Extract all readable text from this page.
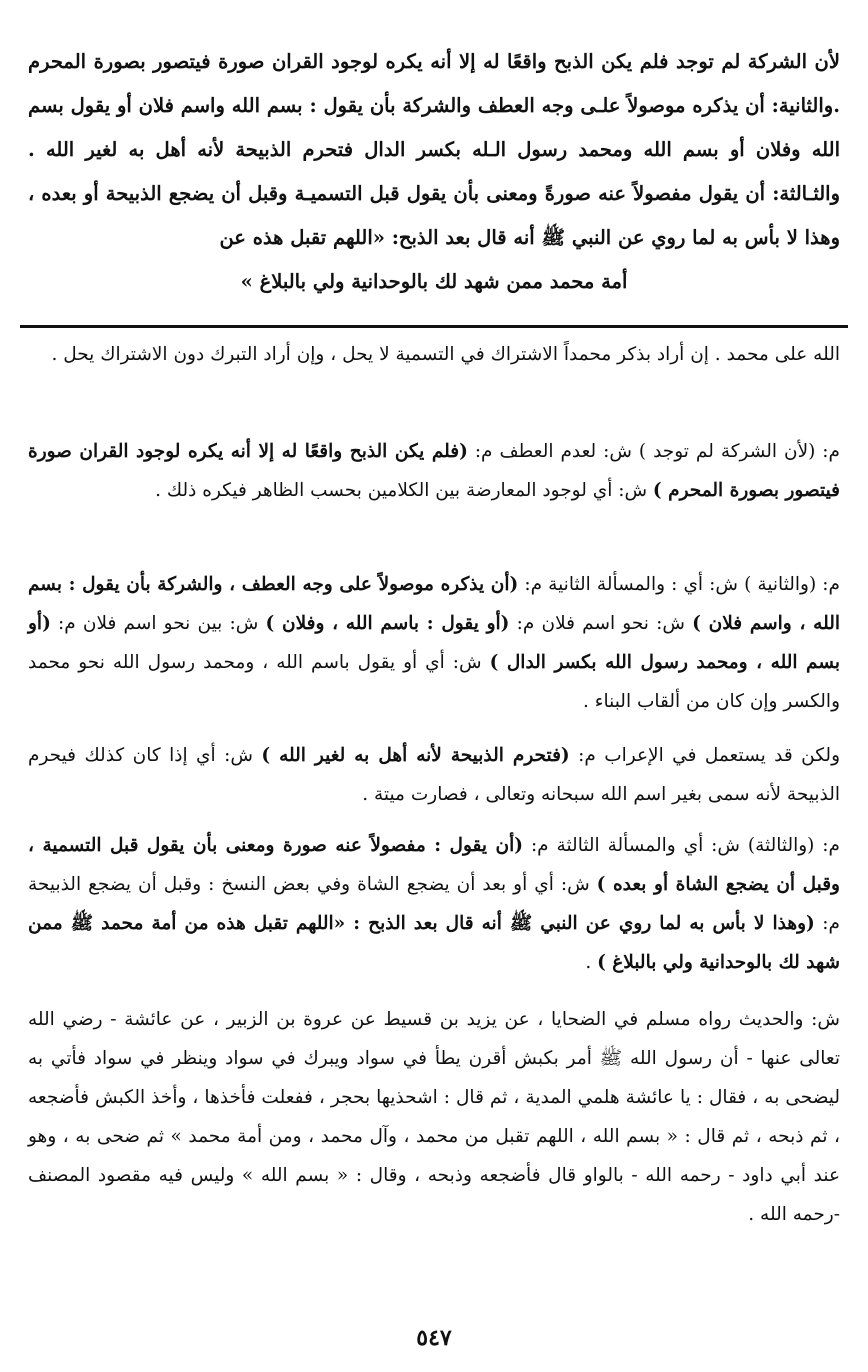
لأن الشركة لم توجد فلم يكن الذبح واقعًا له إلا أنه يكره لوجود القران صورة فيتصور بصورة المحرم .والثانية: أن يذكره موصولاً علـى وجه العطف والشركة بأن يقول : بسم الله واسم فلان أو يقول بسم الله وفلان أو بسم الله ومحمد رسول الـله بكسر الدال فتحرم الذبيحة لأنه أهل به لغير الله . والثـالثة: أن يقول مفصولاً عنه صورةً ومعنى بأن يقول قبل التسميـة وقبل أن يضجع الذبيحة أو بعده ، وهذا لا بأس به لما روي عن النبي ﷺ أنه قال بعد الذبح: «اللهم تقبل هذه عن
أمة محمد ممن شهد لك بالوحدانية ولي بالبلاغ »

الله على محمد . إن أراد بذكر محمداً الاشتراك في التسمية لا يحل ، وإن أراد التبرك دون الاشتراك يحل .

م: (لأن الشركة لم توجد ) ش: لعدم العطف م: (فلم يكن الذبح واقعًا له إلا أنه يكره لوجود القران صورة فيتصور بصورة المحرم ) ش: أي لوجود المعارضة بين الكلامين بحسب الظاهر فيكره ذلك .

م: (والثانية ) ش: أي : والمسألة الثانية م: (أن يذكره موصولاً على وجه العطف ، والشركة بأن يقول : بسم الله ، واسم فلان ) ش: نحو اسم فلان م: (أو يقول : باسم الله ، وفلان ) ش: بين نحو اسم فلان م: (أو بسم الله ، ومحمد رسول الله بكسر الدال ) ش: أي أو يقول باسم الله ، ومحمد رسول الله نحو محمد والكسر وإن كان من ألقاب البناء .

ولكن قد يستعمل في الإعراب م: (فتحرم الذبيحة لأنه أهل به لغير الله ) ش: أي إذا كان كذلك فيحرم الذبيحة لأنه سمى بغير اسم الله سبحانه وتعالى ، فصارت ميتة .

م: (والثالثة) ش: أي والمسألة الثالثة م: (أن يقول : مفصولاً عنه صورة ومعنى بأن يقول قبل التسمية ، وقبل أن يضجع الشاة أو بعده ) ش: أي أو بعد أن يضجع الشاة وفي بعض النسخ : وقبل أن يضجع الذبيحة م: (وهذا لا بأس به لما روي عن النبي ﷺ أنه قال بعد الذبح : «اللهم تقبل هذه من أمة محمد ﷺ ممن شهد لك بالوحدانية ولي بالبلاغ ) .

ش: والحديث رواه مسلم في الضحايا ، عن يزيد بن قسيط عن عروة بن الزبير ، عن عائشة - رضي الله تعالى عنها - أن رسول الله ﷺ أمر بكبش أقرن يطأ في سواد ويبرك في سواد وينظر في سواد فأتي به ليضحى به ، فقال : يا عائشة هلمي المدية ، ثم قال : اشحذيها بحجر ، ففعلت فأخذها ، وأخذ الكبش فأضجعه ، ثم ذبحه ، ثم قال : « بسم الله ، اللهم تقبل من محمد ، وآل محمد ، ومن أمة محمد » ثم ضحى به ، وهو عند أبي داود - رحمه الله - بالواو قال فأضجعه وذبحه ، وقال : « بسم الله » وليس فيه مقصود المصنف -رحمه الله .

٥٤٧
